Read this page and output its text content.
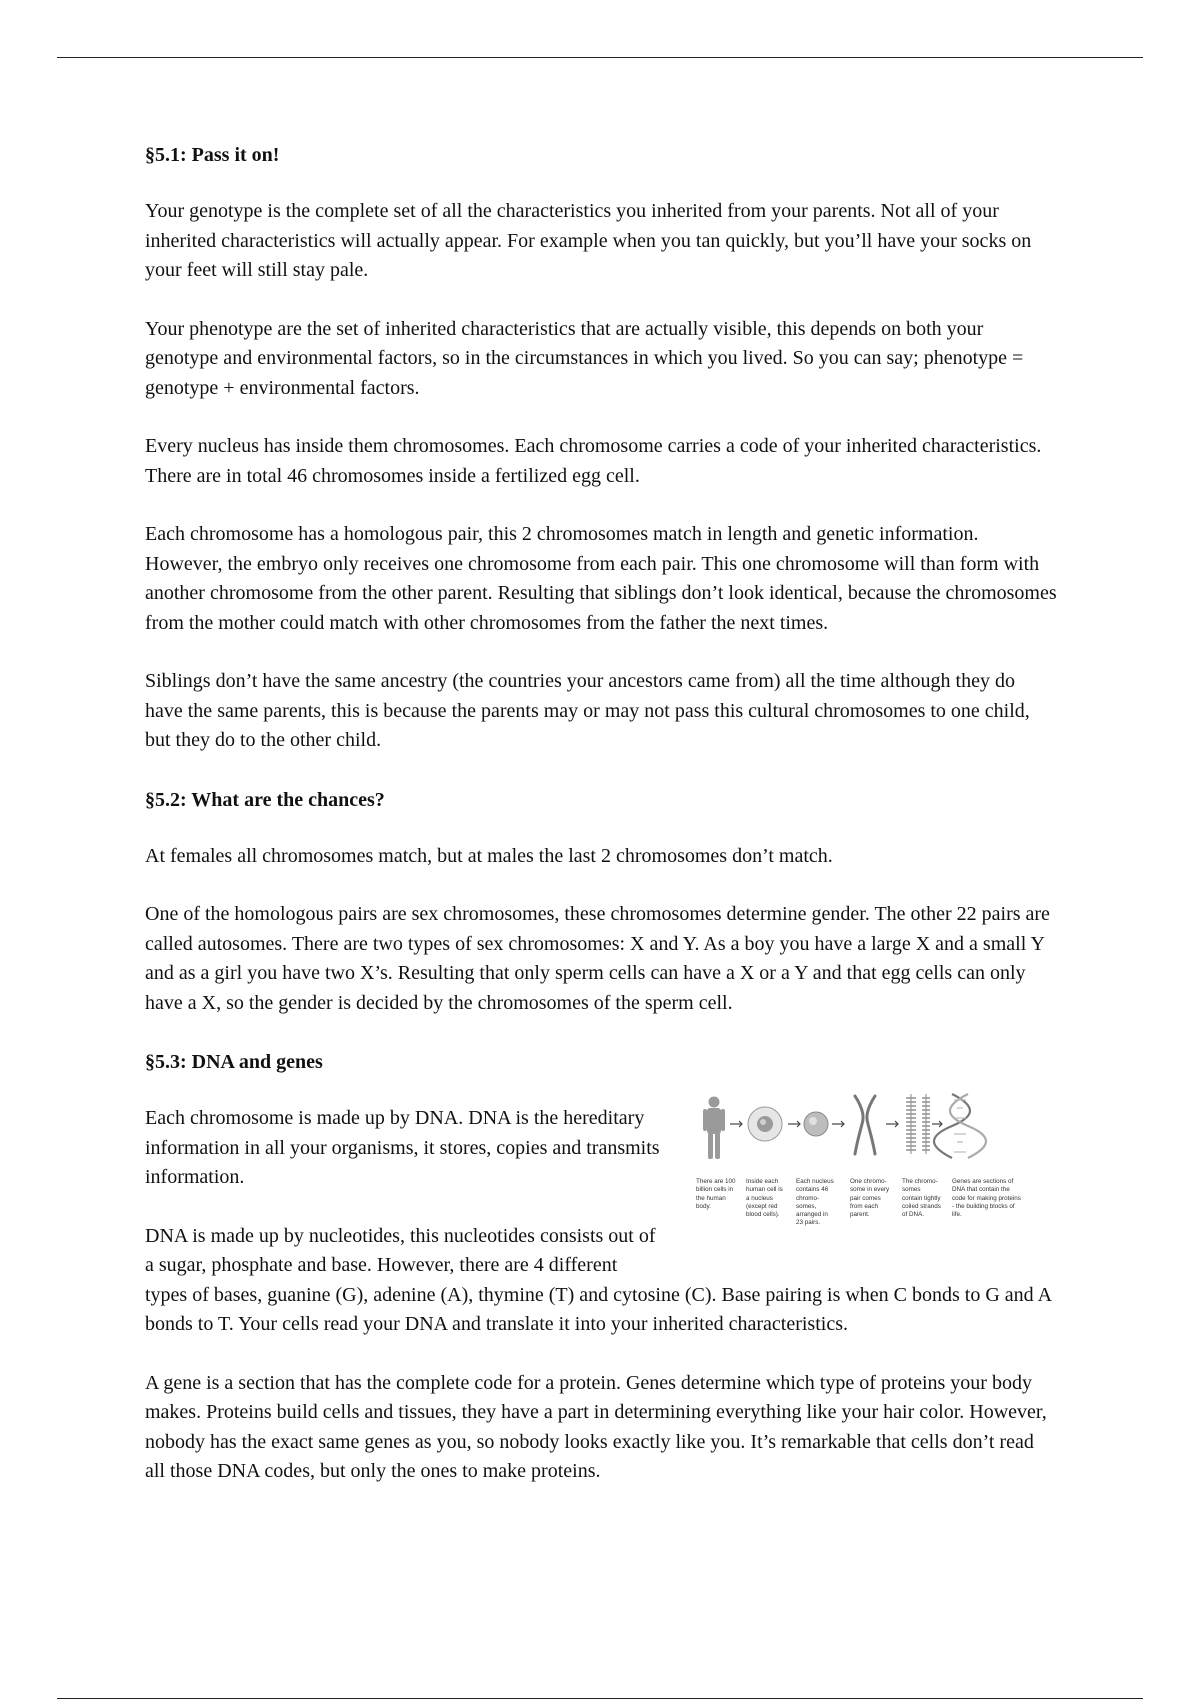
§5.1: Pass it on!

Your genotype is the complete set of all the characteristics you inherited from your parents. Not all of your inherited characteristics will actually appear. For example when you tan quickly, but you’ll have your socks on your feet will still stay pale.

Your phenotype are the set of inherited characteristics that are actually visible, this depends on both your genotype and environmental factors, so in the circumstances in which you lived. So you can say; phenotype = genotype + environmental factors.

Every nucleus has inside them chromosomes. Each chromosome carries a code of your inherited characteristics. There are in total 46 chromosomes inside a fertilized egg cell.

Each chromosome has a homologous pair, this 2 chromosomes match in length and genetic information. However, the embryo only receives one chromosome from each pair. This one chromosome will than form with another chromosome from the other parent. Resulting that siblings don’t look identical, because the chromosomes from the mother could match with other chromosomes from the father the next times.

Siblings don’t have the same ancestry (the countries your ancestors came from) all the time although they do have the same parents, this is because the parents may or may not pass this cultural chromosomes to one child, but they do to the other child.

§5.2: What are the chances?

At females all chromosomes match, but at males the last 2 chromosomes don’t match.

One of the homologous pairs are sex chromosomes, these chromosomes determine gender. The other 22 pairs are called autosomes. There are two types of sex chromosomes: X and Y. As a boy you have a large X and a small Y and as a girl you have two X’s. Resulting that only sperm cells can have a X or a Y and that egg cells can only have a X, so the gender is decided by the chromosomes of the sperm cell.

§5.3: DNA and genes
There are 100 billion cells in the human body.
Inside each human cell is a nucleus (except red blood cells).
Each nucleus contains 46 chromo- somes, arranged in 23 pairs.
One chromo- some in every pair comes from each parent.
The chromo- somes contain tightly coiled strands of DNA.
Genes are sections of DNA that contain the code for making proteins - the building blocks of life.

Each chromosome is made up by DNA. DNA is the hereditary information in all your organisms, it stores, copies and transmits information.

DNA is made up by nucleotides, this nucleotides consists out of a sugar, phosphate and base. However, there are 4 different types of bases, guanine (G), adenine (A), thymine (T) and cytosine (C). Base pairing is when C bonds to G and A bonds to T. Your cells read your DNA and translate it into your inherited characteristics.

A gene is a section that has the complete code for a protein. Genes determine which type of proteins your body makes. Proteins build cells and tissues, they have a part in determining everything like your hair color. However, nobody has the exact same genes as you, so nobody looks exactly like you. It’s remarkable that cells don’t read all those DNA codes, but only the ones to make proteins.
